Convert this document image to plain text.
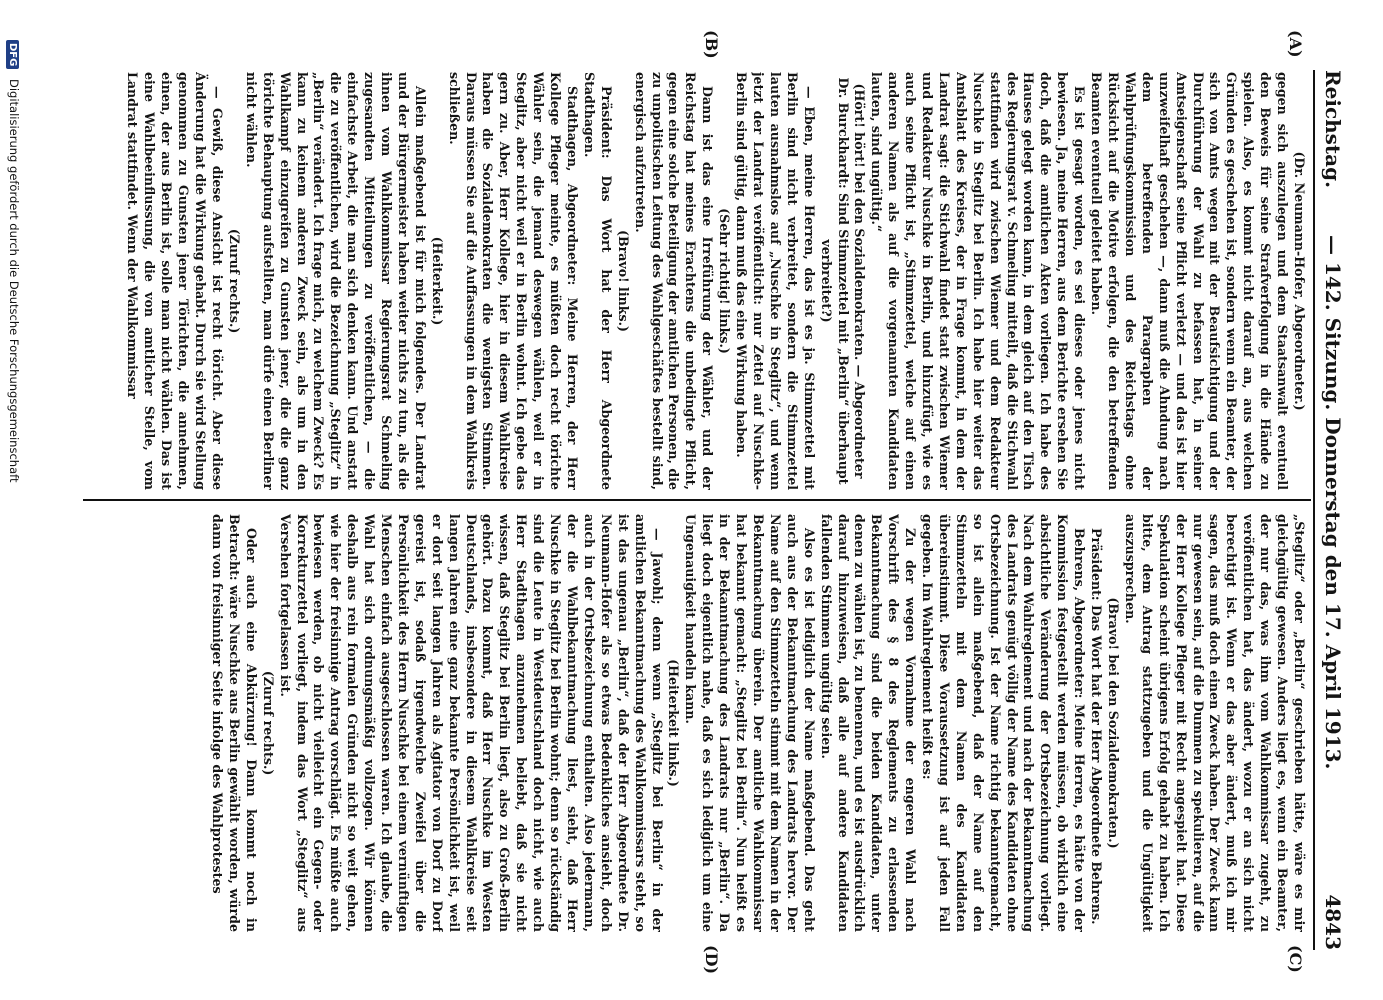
Reichstag.
— 142. Sitzung. Donnerstag den 17. April 1913.
4843
(A)
(B)
(C)
(D)

(Dr. Neumann-Hofer, Abgeordneter.)

gegen sich auszulegen und dem Staatsanwalt eventuell den Beweis für seine Strafverfolgung in die Hände zu spielen. Also, es kommt nicht darauf an, aus welchen Gründen es geschehen ist, sondern wenn ein Beamter, der sich von Amts wegen mit der Beaufsichtigung und der Durchführung der Wahl zu befassen hat, in seiner Amtseigenschaft seine Pflicht verletzt — und das ist hier unzweifelhaft geschehen —, dann muß die Ahndung nach dem betreffenden Paragraphen der Wahlprüfungskommission und des Reichstags ohne Rücksicht auf die Motive erfolgen, die den betreffenden Beamten eventuell geleitet haben.

Es ist gesagt worden, es sei dieses oder jenes nicht bewiesen. Ja, meine Herren, aus dem Berichte ersehen Sie doch, daß die amtlichen Akten vorliegen. Ich habe des Hauses gelegt worden kann, in dem gleich auf den Tisch des Regierungsrat v. Schmeling mitteilt, daß die Stichwahl stattfinden wird zwischen Wiemer und dem Redakteur Nuschke in Steglitz bei Berlin. Ich habe hier weiter das Amtsblatt des Kreises, der in Frage kommt, in dem der Landrat sagt: die Stichwahl findet statt zwischen Wiemer und Redakteur Nuschke in Berlin, und hinzufügt, wie es auch seine Pflicht ist, „Stimmzettel, welche auf einen anderen Namen als auf die vorgenannten Kandidaten lauten, sind ungültig.“

(Hört! hört! bei den Sozialdemokraten. — Abgeordneter Dr. Burckhardt: Sind Stimmzettel mit „Berlin“ überhaupt verbreitet?)

— Eben, meine Herren, das ist es ja. Stimmzettel mit Berlin sind nicht verbreitet, sondern die Stimmzettel lauten ausnahmslos auf „Nuschke in Steglitz“, und wenn jetzt der Landrat veröffentlicht: nur Zettel auf Nuschke-Berlin sind gültig, dann muß das eine Wirkung haben.

(Sehr richtig! links.)

Dann ist das eine Irreführung der Wähler, und der Reichstag hat meines Erachtens die unbedingte Pflicht, gegen eine solche Beteiligung der amtlichen Personen, die zu unpolitischen Leitung des Wahlgeschäftes bestellt sind, energisch aufzutreten.

(Bravo! links.)

Präsident: Das Wort hat der Herr Abgeordnete Stadthagen.

Stadthagen, Abgeordneter: Meine Herren, der Herr Kollege Pfleger meinte, es müßten doch recht törichte Wähler sein, die jemand deswegen wählen, weil er in Steglitz, aber nicht weil er in Berlin wohnt. Ich gebe das gern zu. Aber, Herr Kollege, hier in diesem Wahlkreise haben die Sozialdemokraten die wenigsten Stimmen. Daraus müssen Sie auf die Auffassungen in dem Wahlkreis schließen.

(Heiterkeit.)

Allein maßgebend ist für mich folgendes. Der Landrat und der Bürgermeister haben weiter nichts zu tun, als die ihnen vom Wahlkommissar Regierungsrat Schmeling zugesandten Mitteilungen zu veröffentlichen, — die einfachste Arbeit, die man sich denken kann. Und anstatt die zu veröffentlichen, wird die Bezeichnung „Steglitz“ in „Berlin“ verändert. Ich frage mich, zu welchem Zweck? Es kann zu keinem anderen Zweck sein, als um in den Wahlkampf einzugreifen zu Gunsten jener, die die ganz törichte Behauptung aufstellten, man dürfe einen Berliner nicht wählen.

(Zuruf rechts.)

— Gewiß, diese Ansicht ist recht töricht. Aber diese Änderung hat die Wirkung gehabt. Durch sie wird Stellung genommen zu Gunsten jener Törichten, die annehmen, einen, der aus Berlin ist, solle man nicht wählen. Das ist eine Wahlbeeinflussung, die von amtlicher Stelle, vom Landrat stattfindet. Wenn der Wahlkommissar

„Steglitz“ oder „Berlin“ geschrieben hätte, wäre es mir gleichgültig gewesen. Anders liegt es, wenn ein Beamter, der nur das, was ihm vom Wahlkommissar zugeht, zu veröffentlichen hat, das ändert, wozu er an sich nicht berechtigt ist. Wenn er das aber ändert, muß ich mir sagen, das muß doch einen Zweck haben. Der Zweck kann nur gewesen sein, auf die Dummen zu spekulieren, auf die der Herr Kollege Pfleger mit Recht angespielt hat. Diese Spekulation scheint übrigens Erfolg gehabt zu haben. Ich bitte, dem Antrag stattzugeben und die Ungültigkeit auszusprechen.

(Bravo! bei den Sozialdemokraten.)

Präsident: Das Wort hat der Herr Abgeordnete Behrens.

Behrens, Abgeordneter: Meine Herren, es hätte von der Kommission festgestellt werden müssen, ob wirklich eine absichtliche Veränderung der Ortsbezeichnung vorliegt. Nach dem Wahlreglement und nach der Bekanntmachung des Landrats genügt völlig der Name des Kandidaten ohne Ortsbezeichnung. Ist der Name richtig bekanntgemacht, so ist allein maßgebend, daß der Name auf den Stimmzetteln mit dem Namen des Kandidaten übereinstimmt. Diese Voraussetzung ist auf jeden Fall gegeben. Im Wahlreglement heißt es:

Zu der wegen Vornahme der engeren Wahl nach Vorschrift des § 8 des Reglements zu erlassenden Bekanntmachung sind die beiden Kandidaten, unter denen zu wählen ist, zu benennen, und es ist ausdrücklich darauf hinzuweisen, daß alle auf andere Kandidaten fallenden Stimmen ungültig seien.

Also es ist lediglich der Name maßgebend. Das geht auch aus der Bekanntmachung des Landrats hervor. Der Name auf den Stimmzetteln stimmt mit dem Namen in der Bekanntmachung überein. Der amtliche Wahlkommissar hat bekannt gemacht: „Steglitz bei Berlin“. Nun heißt es in der Bekanntmachung des Landrats nur „Berlin“. Da liegt doch eigentlich nahe, daß es sich lediglich um eine Ungenauigkeit handeln kann.

(Heiterkeit links.)

— Jawohl; denn wenn „Steglitz bei Berlin“ in der amtlichen Bekanntmachung des Wahlkommissars steht, so ist das ungenau „Berlin“, daß der Herr Abgeordnete Dr. Neumann-Hofer als so etwas Bedenkliches ansieht, doch auch in der Ortsbezeichnung enthalten. Also jedermann, der die Wahlbekanntmachung liest, sieht, daß Herr Nuschke in Steglitz bei Berlin wohnt; denn so rückständig sind die Leute in Westdeutschland doch nicht, wie auch Herr Stadthagen anzunehmen beliebt, daß sie nicht wissen, daß Steglitz bei Berlin liegt, also zu Groß-Berlin gehört. Dazu kommt, daß Herr Nuschke im Westen Deutschlands, insbesondere in diesem Wahlkreise seit langen Jahren eine ganz bekannte Persönlichkeit ist, weil er dort seit langen Jahren als Agitator von Dorf zu Dorf gereist ist, sodaß irgendwelche Zweifel über die Persönlichkeit des Herrn Nuschke bei einem vernünftigen Menschen einfach ausgeschlossen waren. Ich glaube, die Wahl hat sich ordnungsmäßig vollzogen. Wir können deshalb aus rein formalen Gründen nicht so weit gehen, wie hier der freisinnige Antrag vorschlägt. Es müßte auch bewiesen werden, ob nicht vielleicht ein Gegen- oder Korrekturzettel vorliegt, indem das Wort „Steglitz“ aus Versehen fortgelassen ist.

(Zuruf rechts.)

Oder auch eine Abkürzung! Dann kommt noch in Betracht: wäre Nuschke aus Berlin gewählt worden, würde dann von freisinniger Seite infolge des Wahlprotestes

DFG Digitalisierung gefördert durch die Deutsche Forschungsgemeinschaft
